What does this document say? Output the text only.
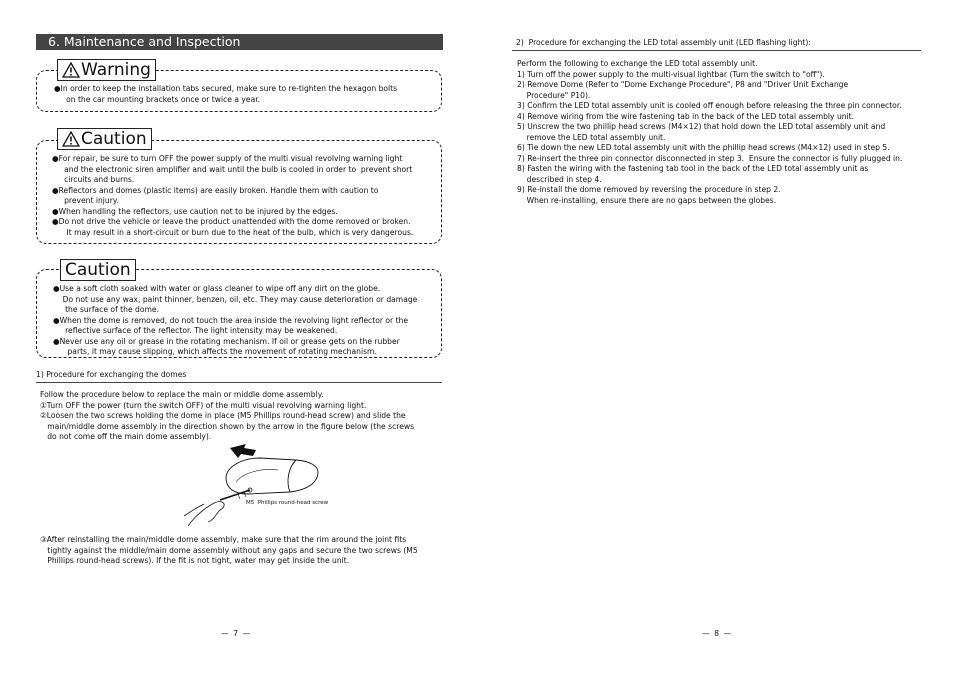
6. Maintenance and Inspection
Warning
●In order to keep the installation tabs secured, make sure to re-tighten the hexagon bolts
on the car mounting brackets once or twice a year.
Caution
●For repair, be sure to turn OFF the power supply of the multi visual revolving warning light
and the electronic siren amplifier and wait until the bulb is cooled in order to  prevent short
circuits and burns.
●Reflectors and domes (plastic items) are easily broken. Handle them with caution to
prevent injury.
●When handling the reflectors, use caution not to be injured by the edges.
●Do not drive the vehicle or leave the product unattended with the dome removed or broken.
It may result in a short-circuit or burn due to the heat of the bulb, which is very dangerous.
Caution
●Use a soft cloth soaked with water or glass cleaner to wipe off any dirt on the globe.
Do not use any wax, paint thinner, benzen, oil, etc. They may cause deterioration or damage
the surface of the dome.
●When the dome is removed, do not touch the area inside the revolving light reflector or the
reflective surface of the reflector. The light intensity may be weakened.
●Never use any oil or grease in the rotating mechanism. If oil or grease gets on the rubber
parts, it may cause slipping, which affects the movement of rotating mechanism.
1) Procedure for exchanging the domes
Follow the procedure below to replace the main or middle dome assembly.
①Turn OFF the power (turn the switch OFF) of the multi visual revolving warning light.
②Loosen the two screws holding the dome in place (M5 Phillips round-head screw) and slide the
main/middle dome assembly in the direction shown by the arrow in the figure below (the screws
do not come off the main dome assembly).
M5  Phillips round-head screw
③After reinstalling the main/middle dome assembly, make sure that the rim around the joint fits
tightly against the middle/main dome assembly without any gaps and secure the two screws (M5
Phillips round-head screws). If the fit is not tight, water may get inside the unit.
—  7  —
2)  Procedure for exchanging the LED total assembly unit (LED flashing light):
Perform the following to exchange the LED total assembly unit.
1) Turn off the power supply to the multi-visual lightbar (Turn the switch to "off").
2) Remove Dome (Refer to "Dome Exchange Procedure", P8 and "Driver Unit Exchange
Procedure" P10).
3) Confirm the LED total assembly unit is cooled off enough before releasing the three pin connector.
4) Remove wiring from the wire fastening tab in the back of the LED total assembly unit.
5) Unscrew the two phillip head screws (M4×12) that hold down the LED total assembly unit and
remove the LED total assembly unit.
6) Tie down the new LED total assembly unit with the phillip head screws (M4×12) used in step 5.
7) Re-insert the three pin connector disconnected in step 3.  Ensure the connector is fully plugged in.
8) Fasten the wiring with the fastening tab tool in the back of the LED total assembly unit as
described in step 4.
9) Re-install the dome removed by reversing the procedure in step 2.
When re-installing, ensure there are no gaps between the globes.
—  8  —
